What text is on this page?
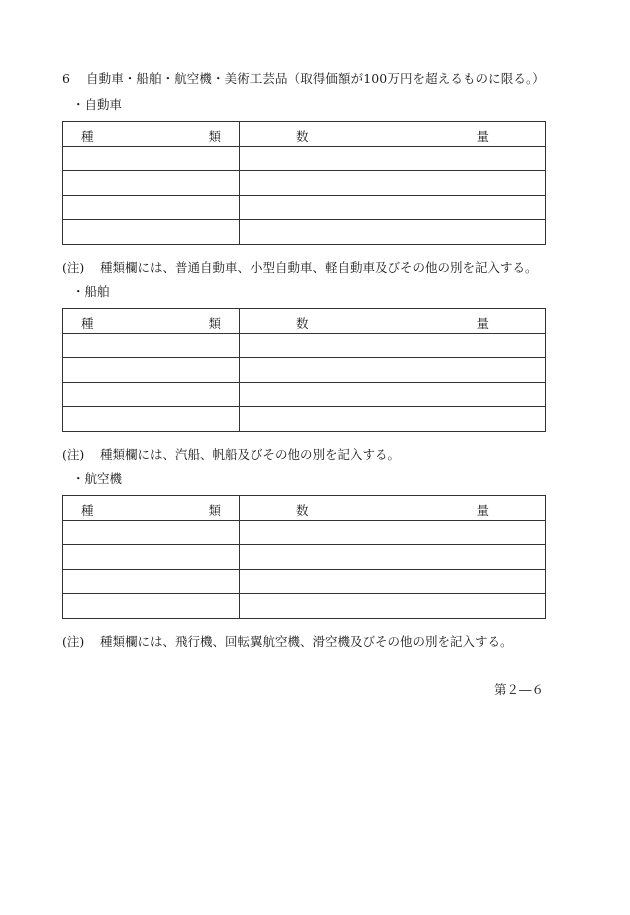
6 自動車・船舶・航空機・美術工芸品（取得価額が100万円を超えるものに限る。）
・自動車
種 類	数 量

(注) 種類欄には、普通自動車、小型自動車、軽自動車及びその他の別を記入する。
・船舶
種 類	数 量

(注) 種類欄には、汽船、帆船及びその他の別を記入する。
・航空機
種 類	数 量

(注) 種類欄には、飛行機、回転翼航空機、滑空機及びその他の別を記入する。
第２―６
